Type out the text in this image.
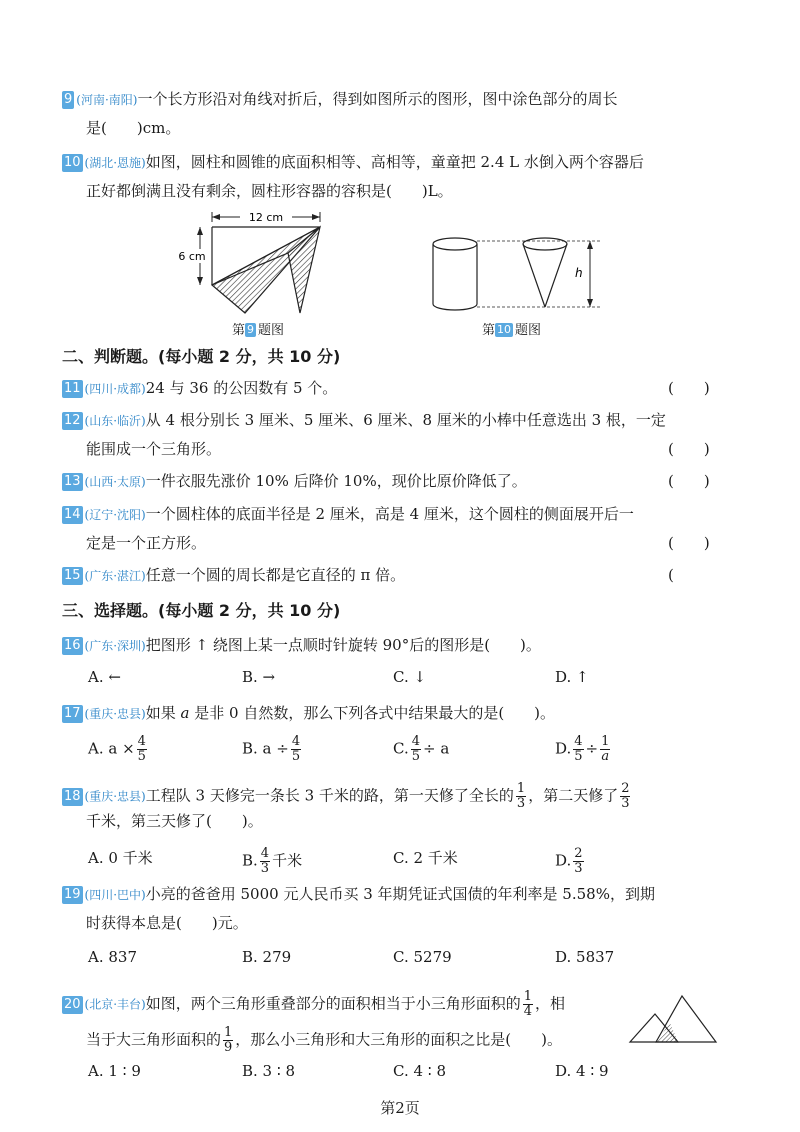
9 (河南·南阳)一个长方形沿对角线对折后，得到如图所示的图形，图中涂色部分的周长
是(　　)cm。
10 (湖北·恩施)如图，圆柱和圆锥的底面积相等、高相等，童童把 2.4 L 水倒入两个容器后
正好都倒满且没有剩余，圆柱形容器的容积是(　　)L。
12 cm
6 cm
第 9 题图
h
第 10 题图
二、判断题。(每小题 2 分，共 10 分)
11 (四川·成都)24 与 36 的公因数有 5 个。	(　　)
12 (山东·临沂)从 4 根分别长 3 厘米、5 厘米、6 厘米、8 厘米的小棒中任意选出 3 根，一定
能围成一个三角形。	(　　)
13 (山西·太原)一件衣服先涨价 10% 后降价 10%，现价比原价降低了。	(　　)
14 (辽宁·沈阳)一个圆柱体的底面半径是 2 厘米，高是 4 厘米，这个圆柱的侧面展开后一
定是一个正方形。	(　　)
15 (广东·湛江)任意一个圆的周长都是它直径的 π 倍。	(　　
三、选择题。(每小题 2 分，共 10 分)
16 (广东·深圳)把图形 ↑ 绕图上某一点顺时针旋转 90°后的图形是(　　)。
A. ←	B. →	C. ↓	D. ↑
17 (重庆·忠县)如果 a 是非 0 自然数，那么下列各式中结果最大的是(　　)。
A. $a \times \frac{4}{5}$	B. $a \div \frac{4}{5}$	C. $\frac{4}{5} \div a$	D. $\frac{4}{5} \div \frac{1}{a}$
18 (重庆·忠县)工程队 3 天修完一条长 3 千米的路，第一天修了全长的 $\frac{1}{3}$ ，第二天修了 $\frac{2}{3}$
千米，第三天修了(　　)。
A. 0 千米	B. $\frac{4}{3}$ 千米	C. 2 千米	D. $\frac{2}{3}$
19 (四川·巴中)小亮的爸爸用 5000 元人民币买 3 年期凭证式国债的年利率是 5.58%，到期
时获得本息是(　　)元。
A. 837	B. 279	C. 5279	D. 5837
20 (北京·丰台)如图，两个三角形重叠部分的面积相当于小三角形面积的 $\frac{1}{4}$ ，相
当于大三角形面积的 $\frac{1}{9}$ ，那么小三角形和大三角形的面积之比是(　　)。
A. 1 ∶ 9	B. 3 ∶ 8	C. 4 ∶ 8	D. 4 ∶ 9
第2页
